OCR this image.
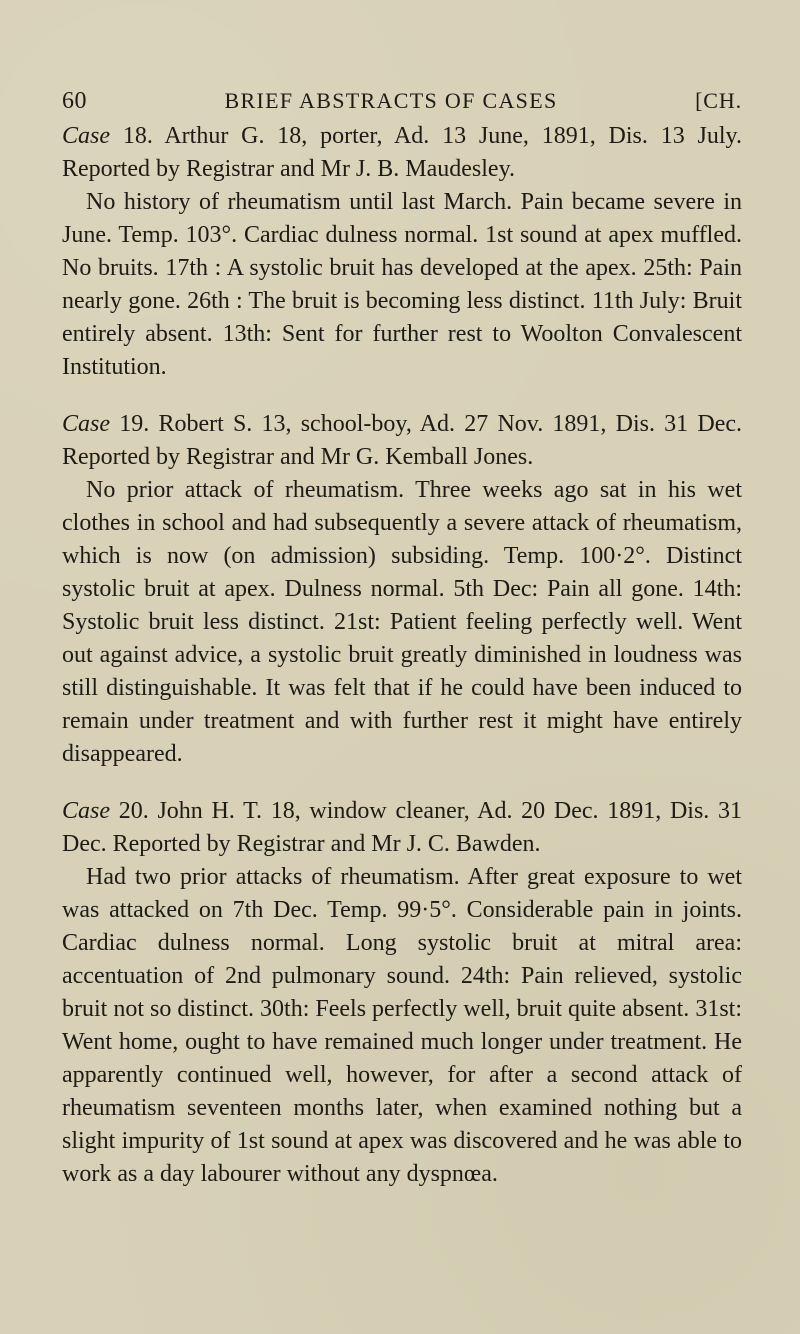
60	BRIEF ABSTRACTS OF CASES	[CH.

Case 18. Arthur G. 18, porter, Ad. 13 June, 1891, Dis. 13 July. Reported by Registrar and Mr J. B. Maudesley.

No history of rheumatism until last March. Pain became severe in June. Temp. 103°. Cardiac dulness normal. 1st sound at apex muffled. No bruits. 17th : A systolic bruit has developed at the apex. 25th: Pain nearly gone. 26th : The bruit is becoming less distinct. 11th July: Bruit entirely absent. 13th: Sent for further rest to Woolton Convalescent Institution.

Case 19. Robert S. 13, school-boy, Ad. 27 Nov. 1891, Dis. 31 Dec. Reported by Registrar and Mr G. Kemball Jones.

No prior attack of rheumatism. Three weeks ago sat in his wet clothes in school and had subsequently a severe attack of rheumatism, which is now (on admission) subsiding. Temp. 100·2°. Distinct systolic bruit at apex. Dulness normal. 5th Dec: Pain all gone. 14th: Systolic bruit less distinct. 21st: Patient feeling perfectly well. Went out against advice, a systolic bruit greatly diminished in loudness was still distinguishable. It was felt that if he could have been induced to remain under treatment and with further rest it might have entirely disappeared.

Case 20. John H. T. 18, window cleaner, Ad. 20 Dec. 1891, Dis. 31 Dec. Reported by Registrar and Mr J. C. Bawden.

Had two prior attacks of rheumatism. After great exposure to wet was attacked on 7th Dec. Temp. 99·5°. Considerable pain in joints. Cardiac dulness normal. Long systolic bruit at mitral area: accentuation of 2nd pulmonary sound. 24th: Pain relieved, systolic bruit not so distinct. 30th: Feels perfectly well, bruit quite absent. 31st: Went home, ought to have remained much longer under treatment. He apparently continued well, however, for after a second attack of rheumatism seventeen months later, when examined nothing but a slight impurity of 1st sound at apex was discovered and he was able to work as a day labourer without any dyspnœa.
